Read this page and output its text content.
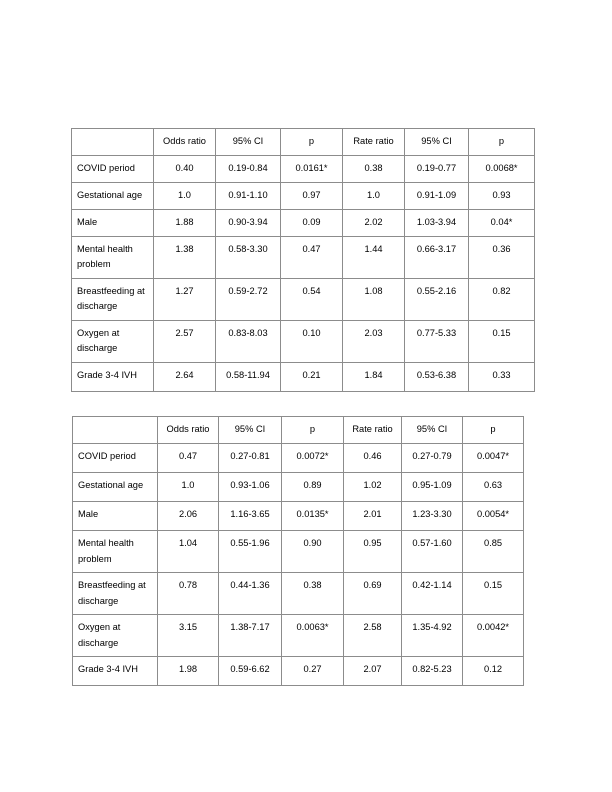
	Odds ratio	95% CI	p	Rate ratio	95% CI	p
COVID period	0.40	0.19-0.84	0.0161*	0.38	0.19-0.77	0.0068*
Gestational age	1.0	0.91-1.10	0.97	1.0	0.91-1.09	0.93
Male	1.88	0.90-3.94	0.09	2.02	1.03-3.94	0.04*
Mental health problem	1.38	0.58-3.30	0.47	1.44	0.66-3.17	0.36
Breastfeeding at discharge	1.27	0.59-2.72	0.54	1.08	0.55-2.16	0.82
Oxygen at discharge	2.57	0.83-8.03	0.10	2.03	0.77-5.33	0.15
Grade 3-4 IVH	2.64	0.58-11.94	0.21	1.84	0.53-6.38	0.33
	Odds ratio	95% CI	p	Rate ratio	95% CI	p
COVID period	0.47	0.27-0.81	0.0072*	0.46	0.27-0.79	0.0047*
Gestational age	1.0	0.93-1.06	0.89	1.02	0.95-1.09	0.63
Male	2.06	1.16-3.65	0.0135*	2.01	1.23-3.30	0.0054*
Mental health problem	1.04	0.55-1.96	0.90	0.95	0.57-1.60	0.85
Breastfeeding at discharge	0.78	0.44-1.36	0.38	0.69	0.42-1.14	0.15
Oxygen at discharge	3.15	1.38-7.17	0.0063*	2.58	1.35-4.92	0.0042*
Grade 3-4 IVH	1.98	0.59-6.62	0.27	2.07	0.82-5.23	0.12
